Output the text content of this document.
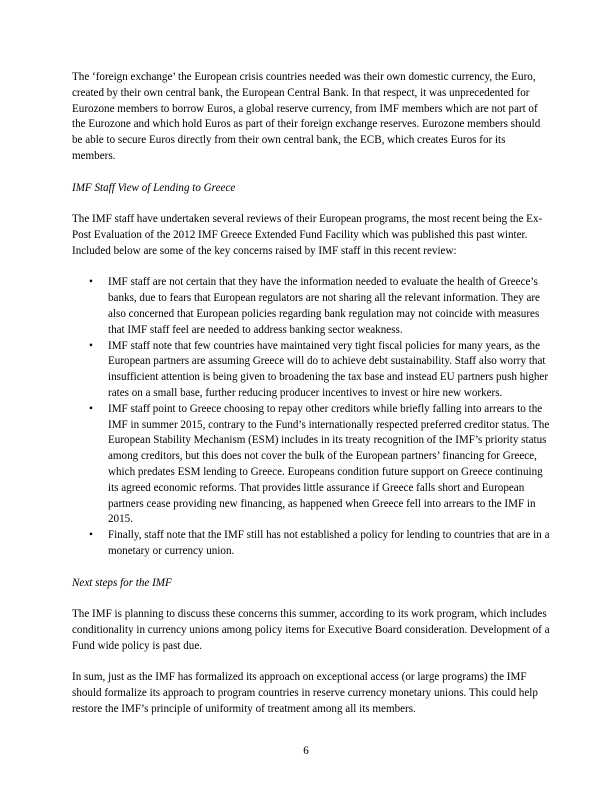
The ‘foreign exchange’ the European crisis countries needed was their own domestic currency, the Euro, created by their own central bank, the European Central Bank. In that respect, it was unprecedented for Eurozone members to borrow Euros, a global reserve currency, from IMF members which are not part of the Eurozone and which hold Euros as part of their foreign exchange reserves. Eurozone members should be able to secure Euros directly from their own central bank, the ECB, which creates Euros for its members.

IMF Staff View of Lending to Greece

The IMF staff have undertaken several reviews of their European programs, the most recent being the Ex-Post Evaluation of the 2012 IMF Greece Extended Fund Facility which was published this past winter. Included below are some of the key concerns raised by IMF staff in this recent review:

• IMF staff are not certain that they have the information needed to evaluate the health of Greece’s banks, due to fears that European regulators are not sharing all the relevant information. They are also concerned that European policies regarding bank regulation may not coincide with measures that IMF staff feel are needed to address banking sector weakness.
• IMF staff note that few countries have maintained very tight fiscal policies for many years, as the European partners are assuming Greece will do to achieve debt sustainability. Staff also worry that insufficient attention is being given to broadening the tax base and instead EU partners push higher rates on a small base, further reducing producer incentives to invest or hire new workers.
• IMF staff point to Greece choosing to repay other creditors while briefly falling into arrears to the IMF in summer 2015, contrary to the Fund’s internationally respected preferred creditor status. The European Stability Mechanism (ESM) includes in its treaty recognition of the IMF’s priority status among creditors, but this does not cover the bulk of the European partners’ financing for Greece, which predates ESM lending to Greece. Europeans condition future support on Greece continuing its agreed economic reforms. That provides little assurance if Greece falls short and European partners cease providing new financing, as happened when Greece fell into arrears to the IMF in 2015.
• Finally, staff note that the IMF still has not established a policy for lending to countries that are in a monetary or currency union.

Next steps for the IMF

The IMF is planning to discuss these concerns this summer, according to its work program, which includes conditionality in currency unions among policy items for Executive Board consideration. Development of a Fund wide policy is past due.

In sum, just as the IMF has formalized its approach on exceptional access (or large programs) the IMF should formalize its approach to program countries in reserve currency monetary unions. This could help restore the IMF’s principle of uniformity of treatment among all its members.

6
